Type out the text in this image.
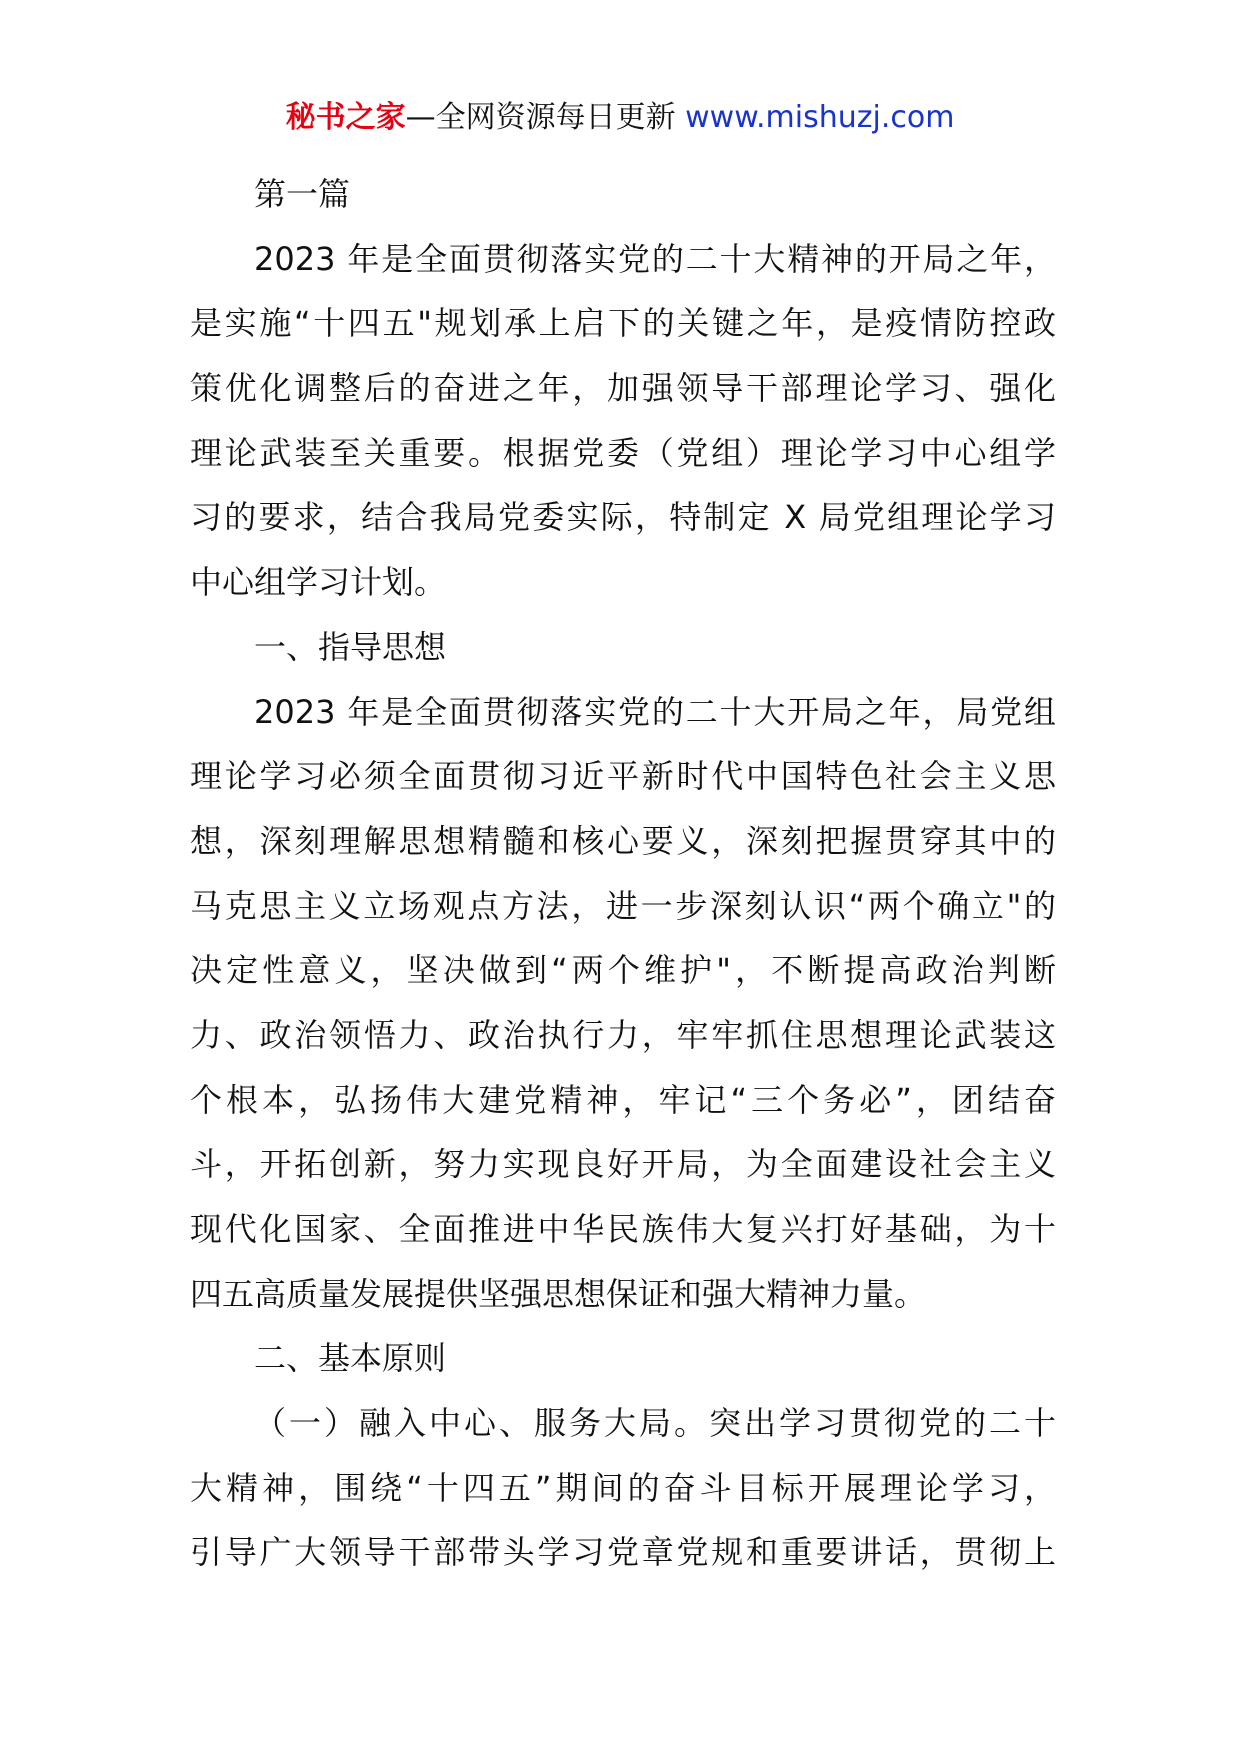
秘书之家—全网资源每日更新 www.mishuzj.com
第一篇
2023 年是全面贯彻落实党的二十大精神的开局之年，
是实施“十四五"规划承上启下的关键之年，是疫情防控政
策优化调整后的奋进之年，加强领导干部理论学习、强化
理论武装至关重要。根据党委（党组）理论学习中心组学
习的要求，结合我局党委实际，特制定 X 局党组理论学习
中心组学习计划。
一、指导思想
2023 年是全面贯彻落实党的二十大开局之年，局党组
理论学习必须全面贯彻习近平新时代中国特色社会主义思
想，深刻理解思想精髓和核心要义，深刻把握贯穿其中的
马克思主义立场观点方法，进一步深刻认识“两个确立"的
决定性意义，坚决做到“两个维护"，不断提高政治判断
力、政治领悟力、政治执行力，牢牢抓住思想理论武装这
个根本，弘扬伟大建党精神，牢记“三个务必”，团结奋
斗，开拓创新，努力实现良好开局，为全面建设社会主义
现代化国家、全面推进中华民族伟大复兴打好基础，为十
四五高质量发展提供坚强思想保证和强大精神力量。
二、基本原则
（一）融入中心、服务大局。突出学习贯彻党的二十
大精神，围绕“十四五”期间的奋斗目标开展理论学习，
引导广大领导干部带头学习党章党规和重要讲话，贯彻上
